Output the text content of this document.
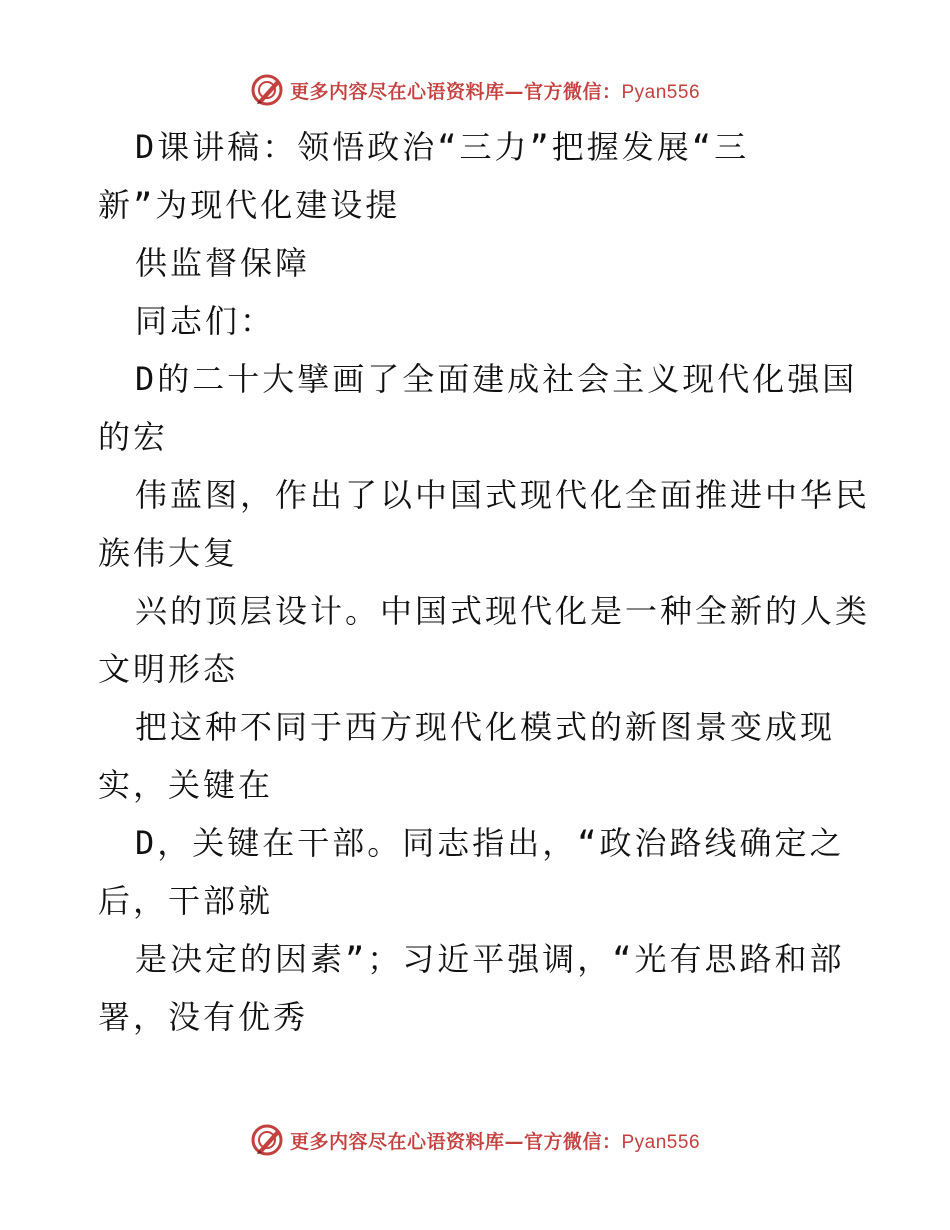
更多内容尽在心语资料库—官方微信：Pyan556
D课讲稿：领悟政治“三力”把握发展“三
新”为现代化建设提
供监督保障
同志们：
D的二十大擘画了全面建成社会主义现代化强国
的宏
伟蓝图，作出了以中国式现代化全面推进中华民
族伟大复
兴的顶层设计。中国式现代化是一种全新的人类
文明形态
把这种不同于西方现代化模式的新图景变成现
实，关键在
D，关键在干部。同志指出，“政治路线确定之
后，干部就
是决定的因素”；习近平强调，“光有思路和部
署，没有优秀
更多内容尽在心语资料库—官方微信：Pyan556
